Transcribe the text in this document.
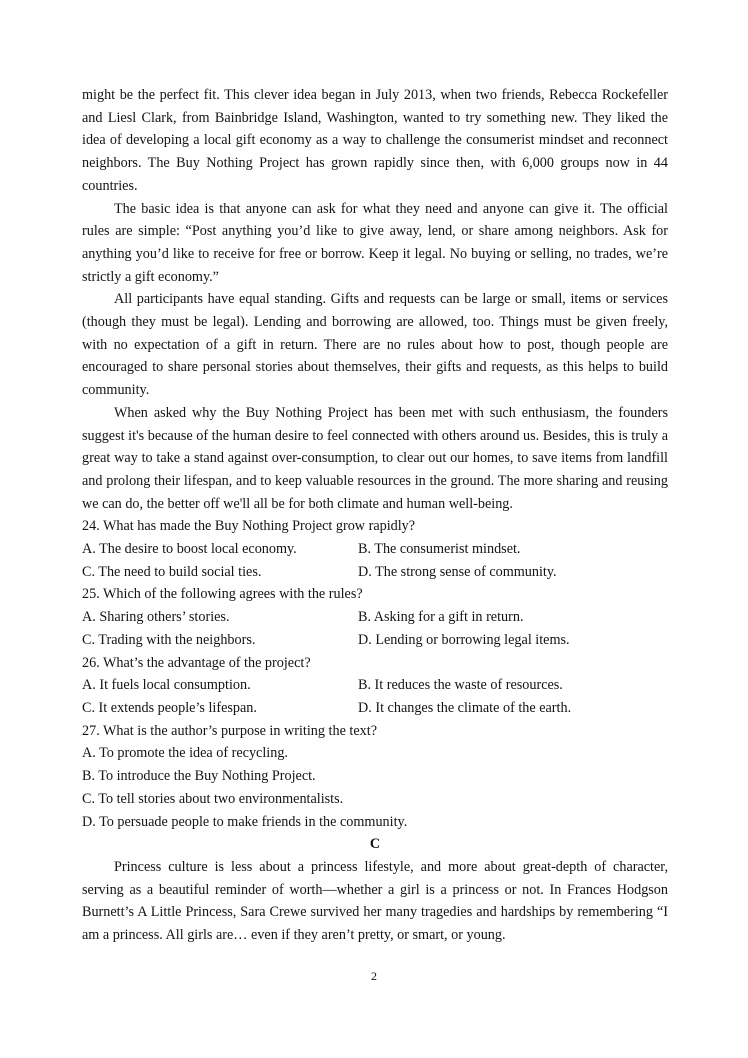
might be the perfect fit. This clever idea began in July 2013, when two friends, Rebecca Rockefeller and Liesl Clark, from Bainbridge Island, Washington, wanted to try something new. They liked the idea of developing a local gift economy as a way to challenge the consumerist mindset and reconnect neighbors. The Buy Nothing Project has grown rapidly since then, with 6,000 groups now in 44 countries.

The basic idea is that anyone can ask for what they need and anyone can give it. The official rules are simple: “Post anything you’d like to give away, lend, or share among neighbors. Ask for anything you’d like to receive for free or borrow. Keep it legal. No buying or selling, no trades, we’re strictly a gift economy.”

All participants have equal standing. Gifts and requests can be large or small, items or services (though they must be legal). Lending and borrowing are allowed, too. Things must be given freely, with no expectation of a gift in return. There are no rules about how to post, though people are encouraged to share personal stories about themselves, their gifts and requests, as this helps to build community.

When asked why the Buy Nothing Project has been met with such enthusiasm, the founders suggest it's because of the human desire to feel connected with others around us. Besides, this is truly a great way to take a stand against over-consumption, to clear out our homes, to save items from landfill and prolong their lifespan, and to keep valuable resources in the ground. The more sharing and reusing we can do, the better off we'll all be for both climate and human well-being.

24. What has made the Buy Nothing Project grow rapidly?

A. The desire to boost local economy.	B. The consumerist mindset.
C. The need to build social ties.	D. The strong sense of community.

25. Which of the following agrees with the rules?

A. Sharing others’ stories.	B. Asking for a gift in return.
C. Trading with the neighbors.	D. Lending or borrowing legal items.

26. What’s the advantage of the project?

A. It fuels local consumption.	B. It reduces the waste of resources.
C. It extends people’s lifespan.	D. It changes the climate of the earth.

27. What is the author’s purpose in writing the text?

A. To promote the idea of recycling.

B. To introduce the Buy Nothing Project.

C. To tell stories about two environmentalists.

D. To persuade people to make friends in the community.

C

Princess culture is less about a princess lifestyle, and more about great-depth of character, serving as a beautiful reminder of worth—whether a girl is a princess or not. In Frances Hodgson Burnett’s A Little Princess, Sara Crewe survived her many tragedies and hardships by remembering “I am a princess. All girls are… even if they aren’t pretty, or smart, or young.

2
